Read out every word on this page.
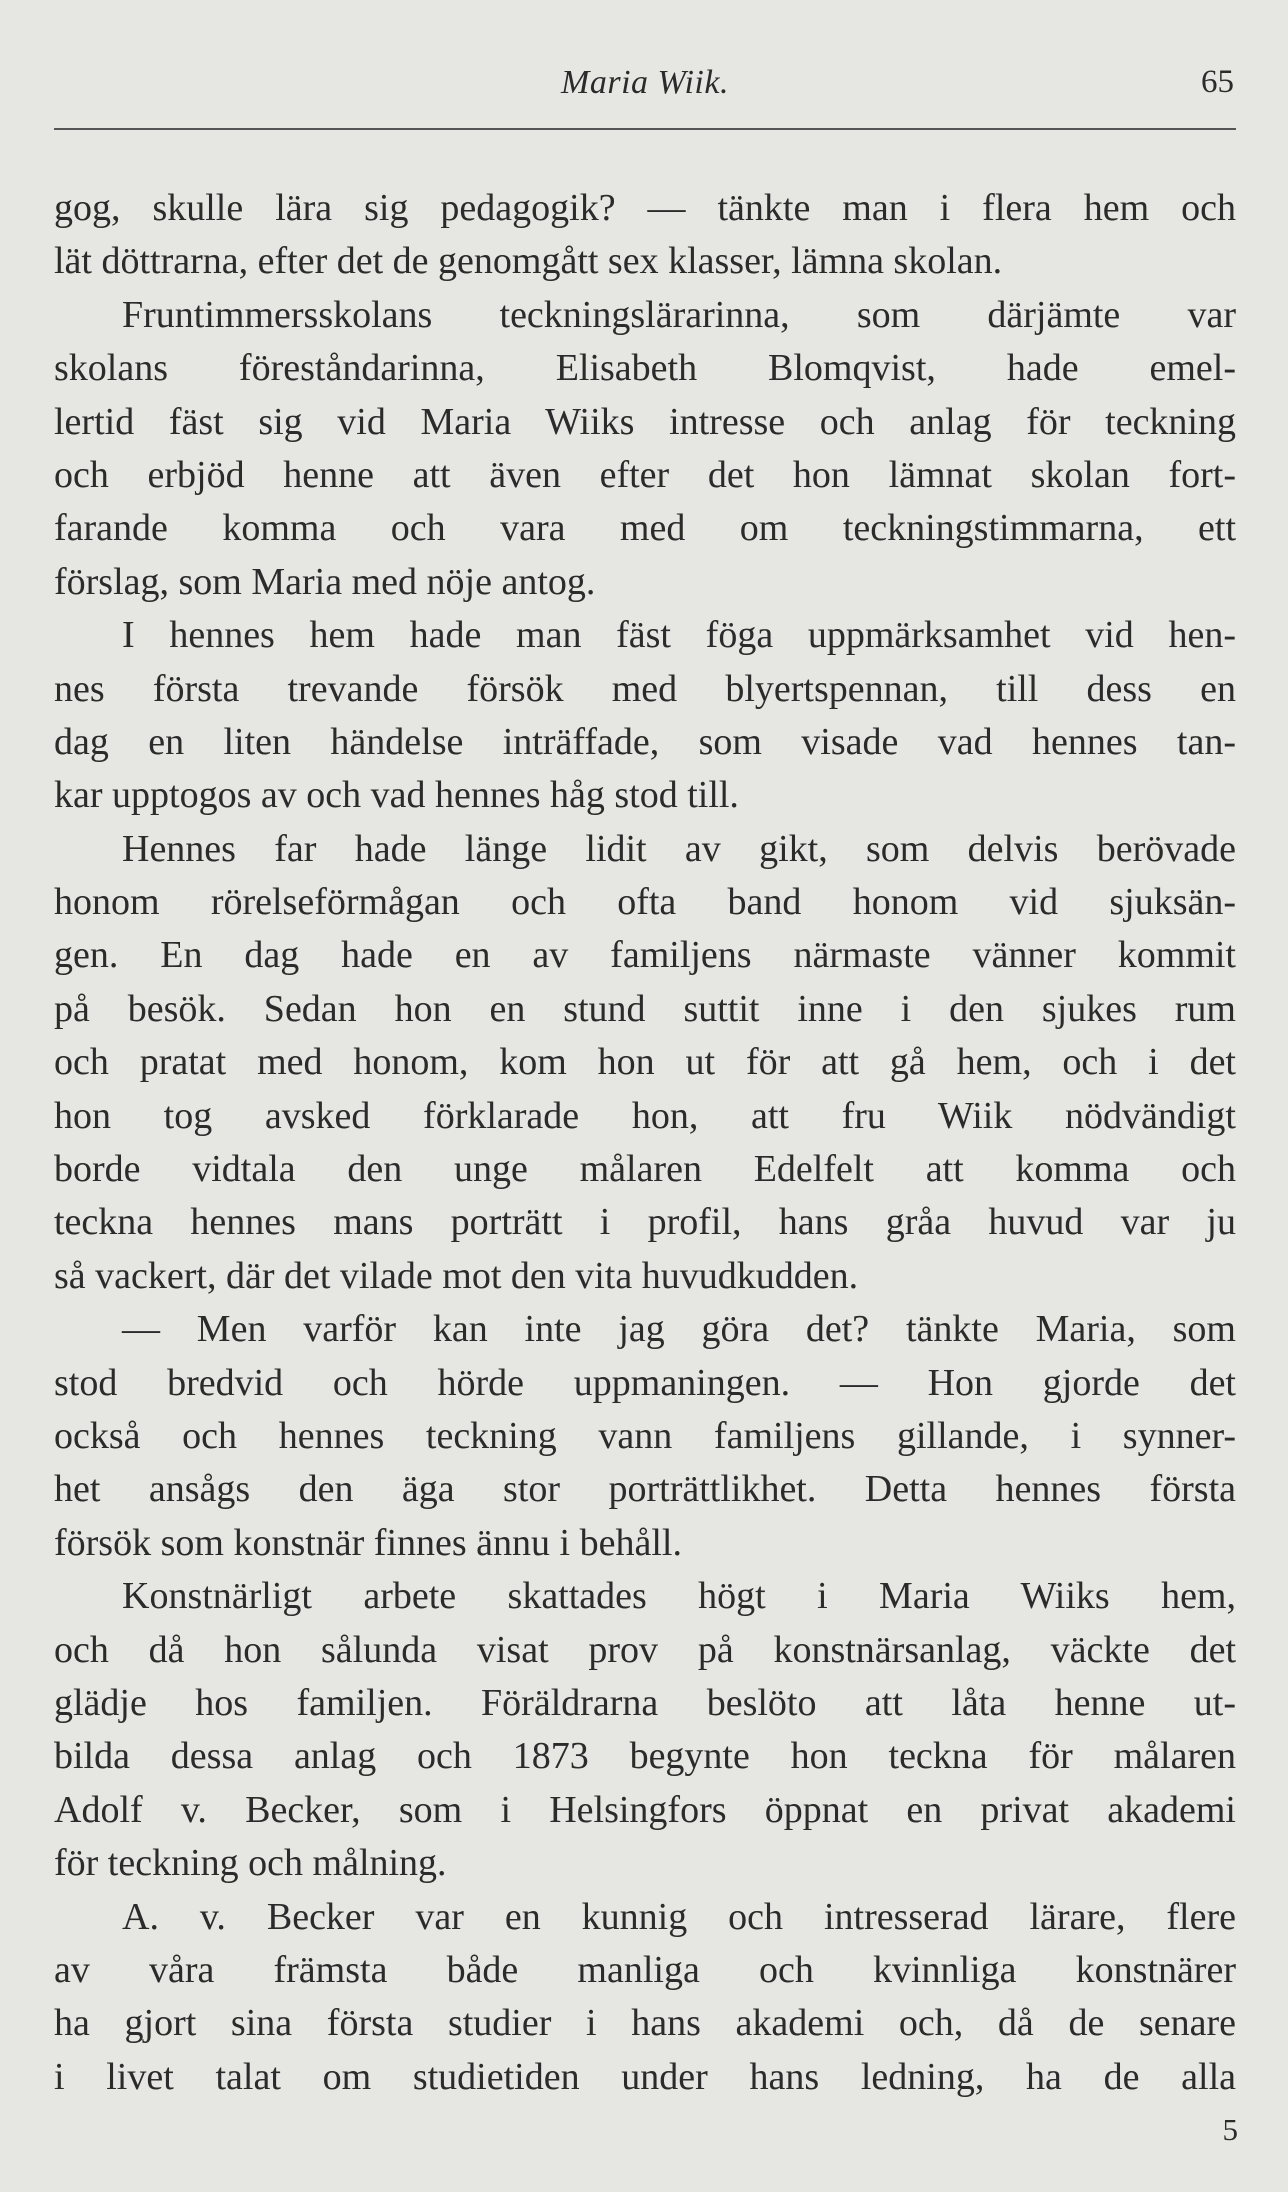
Maria Wiik.	65
gog, skulle lära sig pedagogik? — tänkte man i flera hem och
lät döttrarna, efter det de genomgått sex klasser, lämna skolan.
Fruntimmersskolans teckningslärarinna, som därjämte var
skolans föreståndarinna, Elisabeth Blomqvist, hade emel-
lertid fäst sig vid Maria Wiiks intresse och anlag för teckning
och erbjöd henne att även efter det hon lämnat skolan fort-
farande komma och vara med om teckningstimmarna, ett
förslag, som Maria med nöje antog.
I hennes hem hade man fäst föga uppmärksamhet vid hen-
nes första trevande försök med blyertspennan, till dess en
dag en liten händelse inträffade, som visade vad hennes tan-
kar upptogos av och vad hennes håg stod till.
Hennes far hade länge lidit av gikt, som delvis berövade
honom rörelseförmågan och ofta band honom vid sjuksän-
gen. En dag hade en av familjens närmaste vänner kommit
på besök. Sedan hon en stund suttit inne i den sjukes rum
och pratat med honom, kom hon ut för att gå hem, och i det
hon tog avsked förklarade hon, att fru Wiik nödvändigt
borde vidtala den unge målaren Edelfelt att komma och
teckna hennes mans porträtt i profil, hans gråa huvud var ju
så vackert, där det vilade mot den vita huvudkudden.
— Men varför kan inte jag göra det? tänkte Maria, som
stod bredvid och hörde uppmaningen. — Hon gjorde det
också och hennes teckning vann familjens gillande, i synner-
het ansågs den äga stor porträttlikhet. Detta hennes första
försök som konstnär finnes ännu i behåll.
Konstnärligt arbete skattades högt i Maria Wiiks hem,
och då hon sålunda visat prov på konstnärsanlag, väckte det
glädje hos familjen. Föräldrarna beslöto att låta henne ut-
bilda dessa anlag och 1873 begynte hon teckna för målaren
Adolf v. Becker, som i Helsingfors öppnat en privat akademi
för teckning och målning.
A. v. Becker var en kunnig och intresserad lärare, flere
av våra främsta både manliga och kvinnliga konstnärer
ha gjort sina första studier i hans akademi och, då de senare
i livet talat om studietiden under hans ledning, ha de alla
5
